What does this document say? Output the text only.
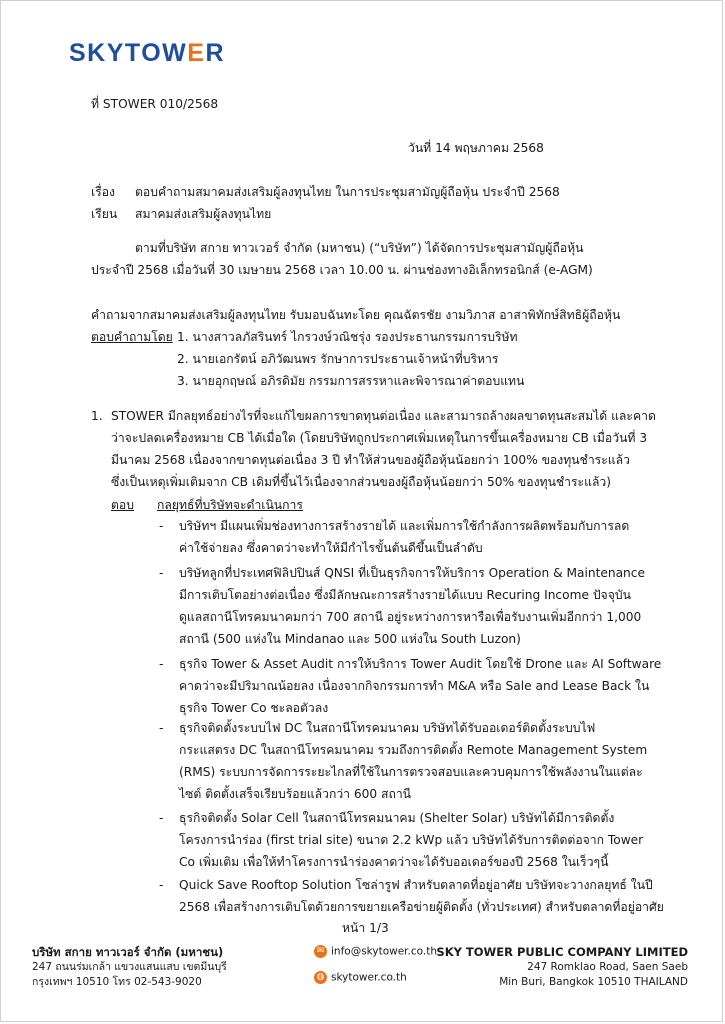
SKYTOWER
ที่ STOWER 010/2568
วันที่ 14 พฤษภาคม 2568
เรื่อง ตอบคำถามสมาคมส่งเสริมผู้ลงทุนไทย ในการประชุมสามัญผู้ถือหุ้น ประจำปี 2568
เรียน สมาคมส่งเสริมผู้ลงทุนไทย
ตามที่บริษัท สกาย ทาวเวอร์ จำกัด (มหาชน) (“บริษัท”) ได้จัดการประชุมสามัญผู้ถือหุ้น
ประจำปี 2568 เมื่อวันที่ 30 เมษายน 2568 เวลา 10.00 น. ผ่านช่องทางอิเล็กทรอนิกส์ (e-AGM)
คำถามจากสมาคมส่งเสริมผู้ลงทุนไทย รับมอบฉันทะโดย คุณฉัตรชัย งามวิภาส อาสาพิทักษ์สิทธิผู้ถือหุ้น
ตอบคำถามโดย 1. นางสาวลภัสรินทร์ ไกรวงษ์วณิชรุ่ง รองประธานกรรมการบริษัท
2. นายเอกรัตน์ อภิวัฒนพร รักษาการประธานเจ้าหน้าที่บริหาร
3. นายอุกฤษณ์ อภิรดิมัย กรรมการสรรหาและพิจารณาค่าตอบแทน
1. STOWER มีกลยุทธ์อย่างไรที่จะแก้ไขผลการขาดทุนต่อเนื่อง และสามารถล้างผลขาดทุนสะสมได้ และคาด
ว่าจะปลดเครื่องหมาย CB ได้เมื่อใด (โดยบริษัทถูกประกาศเพิ่มเหตุในการขึ้นเครื่องหมาย CB เมื่อวันที่ 3
มีนาคม 2568 เนื่องจากขาดทุนต่อเนื่อง 3 ปี ทำให้ส่วนของผู้ถือหุ้นน้อยกว่า 100% ของทุนชำระแล้ว
ซึ่งเป็นเหตุเพิ่มเติมจาก CB เดิมที่ขึ้นไว้เนื่องจากส่วนของผู้ถือหุ้นน้อยกว่า 50% ของทุนชำระแล้ว)
ตอบ กลยุทธ์ที่บริษัทจะดำเนินการ
- บริษัทฯ มีแผนเพิ่มช่องทางการสร้างรายได้ และเพิ่มการใช้กำลังการผลิตพร้อมกับการลด
ค่าใช้จ่ายลง ซึ่งคาดว่าจะทำให้มีกำไรขั้นต้นดีขึ้นเป็นลำดับ
- บริษัทลูกที่ประเทศฟิลิปปินส์ QNSI ที่เป็นธุรกิจการให้บริการ Operation & Maintenance
มีการเติบโตอย่างต่อเนื่อง ซึ่งมีลักษณะการสร้างรายได้แบบ Recuring Income ปัจจุบัน
ดูแลสถานีโทรคมนาคมกว่า 700 สถานี อยู่ระหว่างการหารือเพื่อรับงานเพิ่มอีกกว่า 1,000
สถานี (500 แห่งใน Mindanao และ 500 แห่งใน South Luzon)
- ธุรกิจ Tower & Asset Audit การให้บริการ Tower Audit โดยใช้ Drone และ AI Software
คาดว่าจะมีปริมาณน้อยลง เนื่องจากกิจกรรมการทำ M&A หรือ Sale and Lease Back ใน
ธุรกิจ Tower Co ชะลอตัวลง
- ธุรกิจติดตั้งระบบไฟ DC ในสถานีโทรคมนาคม บริษัทได้รับออเดอร์ติดตั้งระบบไฟ
กระแสตรง DC ในสถานีโทรคมนาคม รวมถึงการติดตั้ง Remote Management System
(RMS) ระบบการจัดการระยะไกลที่ใช้ในการตรวจสอบและควบคุมการใช้พลังงานในแต่ละ
ไซต์ ติดตั้งเสร็จเรียบร้อยแล้วกว่า 600 สถานี
- ธุรกิจติดตั้ง Solar Cell ในสถานีโทรคมนาคม (Shelter Solar) บริษัทได้มีการติดตั้ง
โครงการนำร่อง (first trial site) ขนาด 2.2 kWp แล้ว บริษัทได้รับการติดต่อจาก Tower
Co เพิ่มเติม เพื่อให้ทำโครงการนำร่องคาดว่าจะได้รับออเดอร์ของปี 2568 ในเร็วๆนี้
- Quick Save Rooftop Solution โซล่ารูฟ สำหรับตลาดที่อยู่อาศัย บริษัทจะวางกลยุทธ์ ในปี
2568 เพื่อสร้างการเติบโตด้วยการขยายเครือข่ายผู้ติดตั้ง (ทั่วประเทศ) สำหรับตลาดที่อยู่อาศัย
หน้า 1/3
บริษัท สกาย ทาวเวอร์ จำกัด (มหาชน)
247 ถนนร่มเกล้า แขวงแสนแสบ เขตมีนบุรี
กรุงเทพฯ 10510 โทร 02-543-9020
✉ info@skytower.co.th
◍ skytower.co.th
SKY TOWER PUBLIC COMPANY LIMITED
247 Romklao Road, Saen Saeb
Min Buri, Bangkok 10510 THAILAND
